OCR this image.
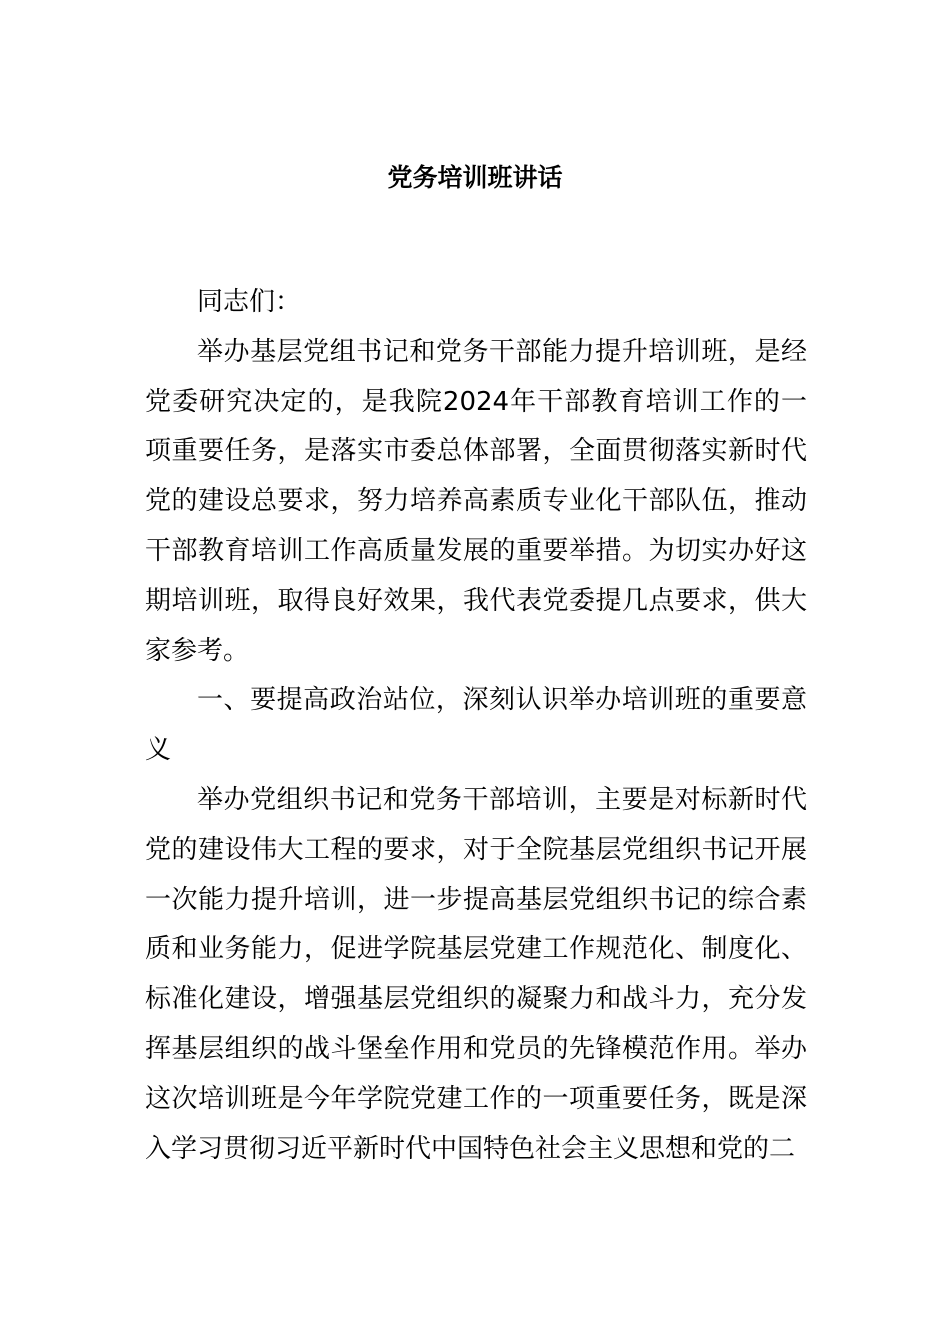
党务培训班讲话

同志们：

举办基层党组书记和党务干部能力提升培训班，是经党委研究决定的，是我院2024年干部教育培训工作的一项重要任务，是落实市委总体部署，全面贯彻落实新时代党的建设总要求，努力培养高素质专业化干部队伍，推动干部教育培训工作高质量发展的重要举措。为切实办好这期培训班，取得良好效果，我代表党委提几点要求，供大家参考。

一、要提高政治站位，深刻认识举办培训班的重要意义

举办党组织书记和党务干部培训，主要是对标新时代党的建设伟大工程的要求，对于全院基层党组织书记开展一次能力提升培训，进一步提高基层党组织书记的综合素质和业务能力，促进学院基层党建工作规范化、制度化、标准化建设，增强基层党组织的凝聚力和战斗力，充分发挥基层组织的战斗堡垒作用和党员的先锋模范作用。举办这次培训班是今年学院党建工作的一项重要任务，既是深入学习贯彻习近平新时代中国特色社会主义思想和党的二
